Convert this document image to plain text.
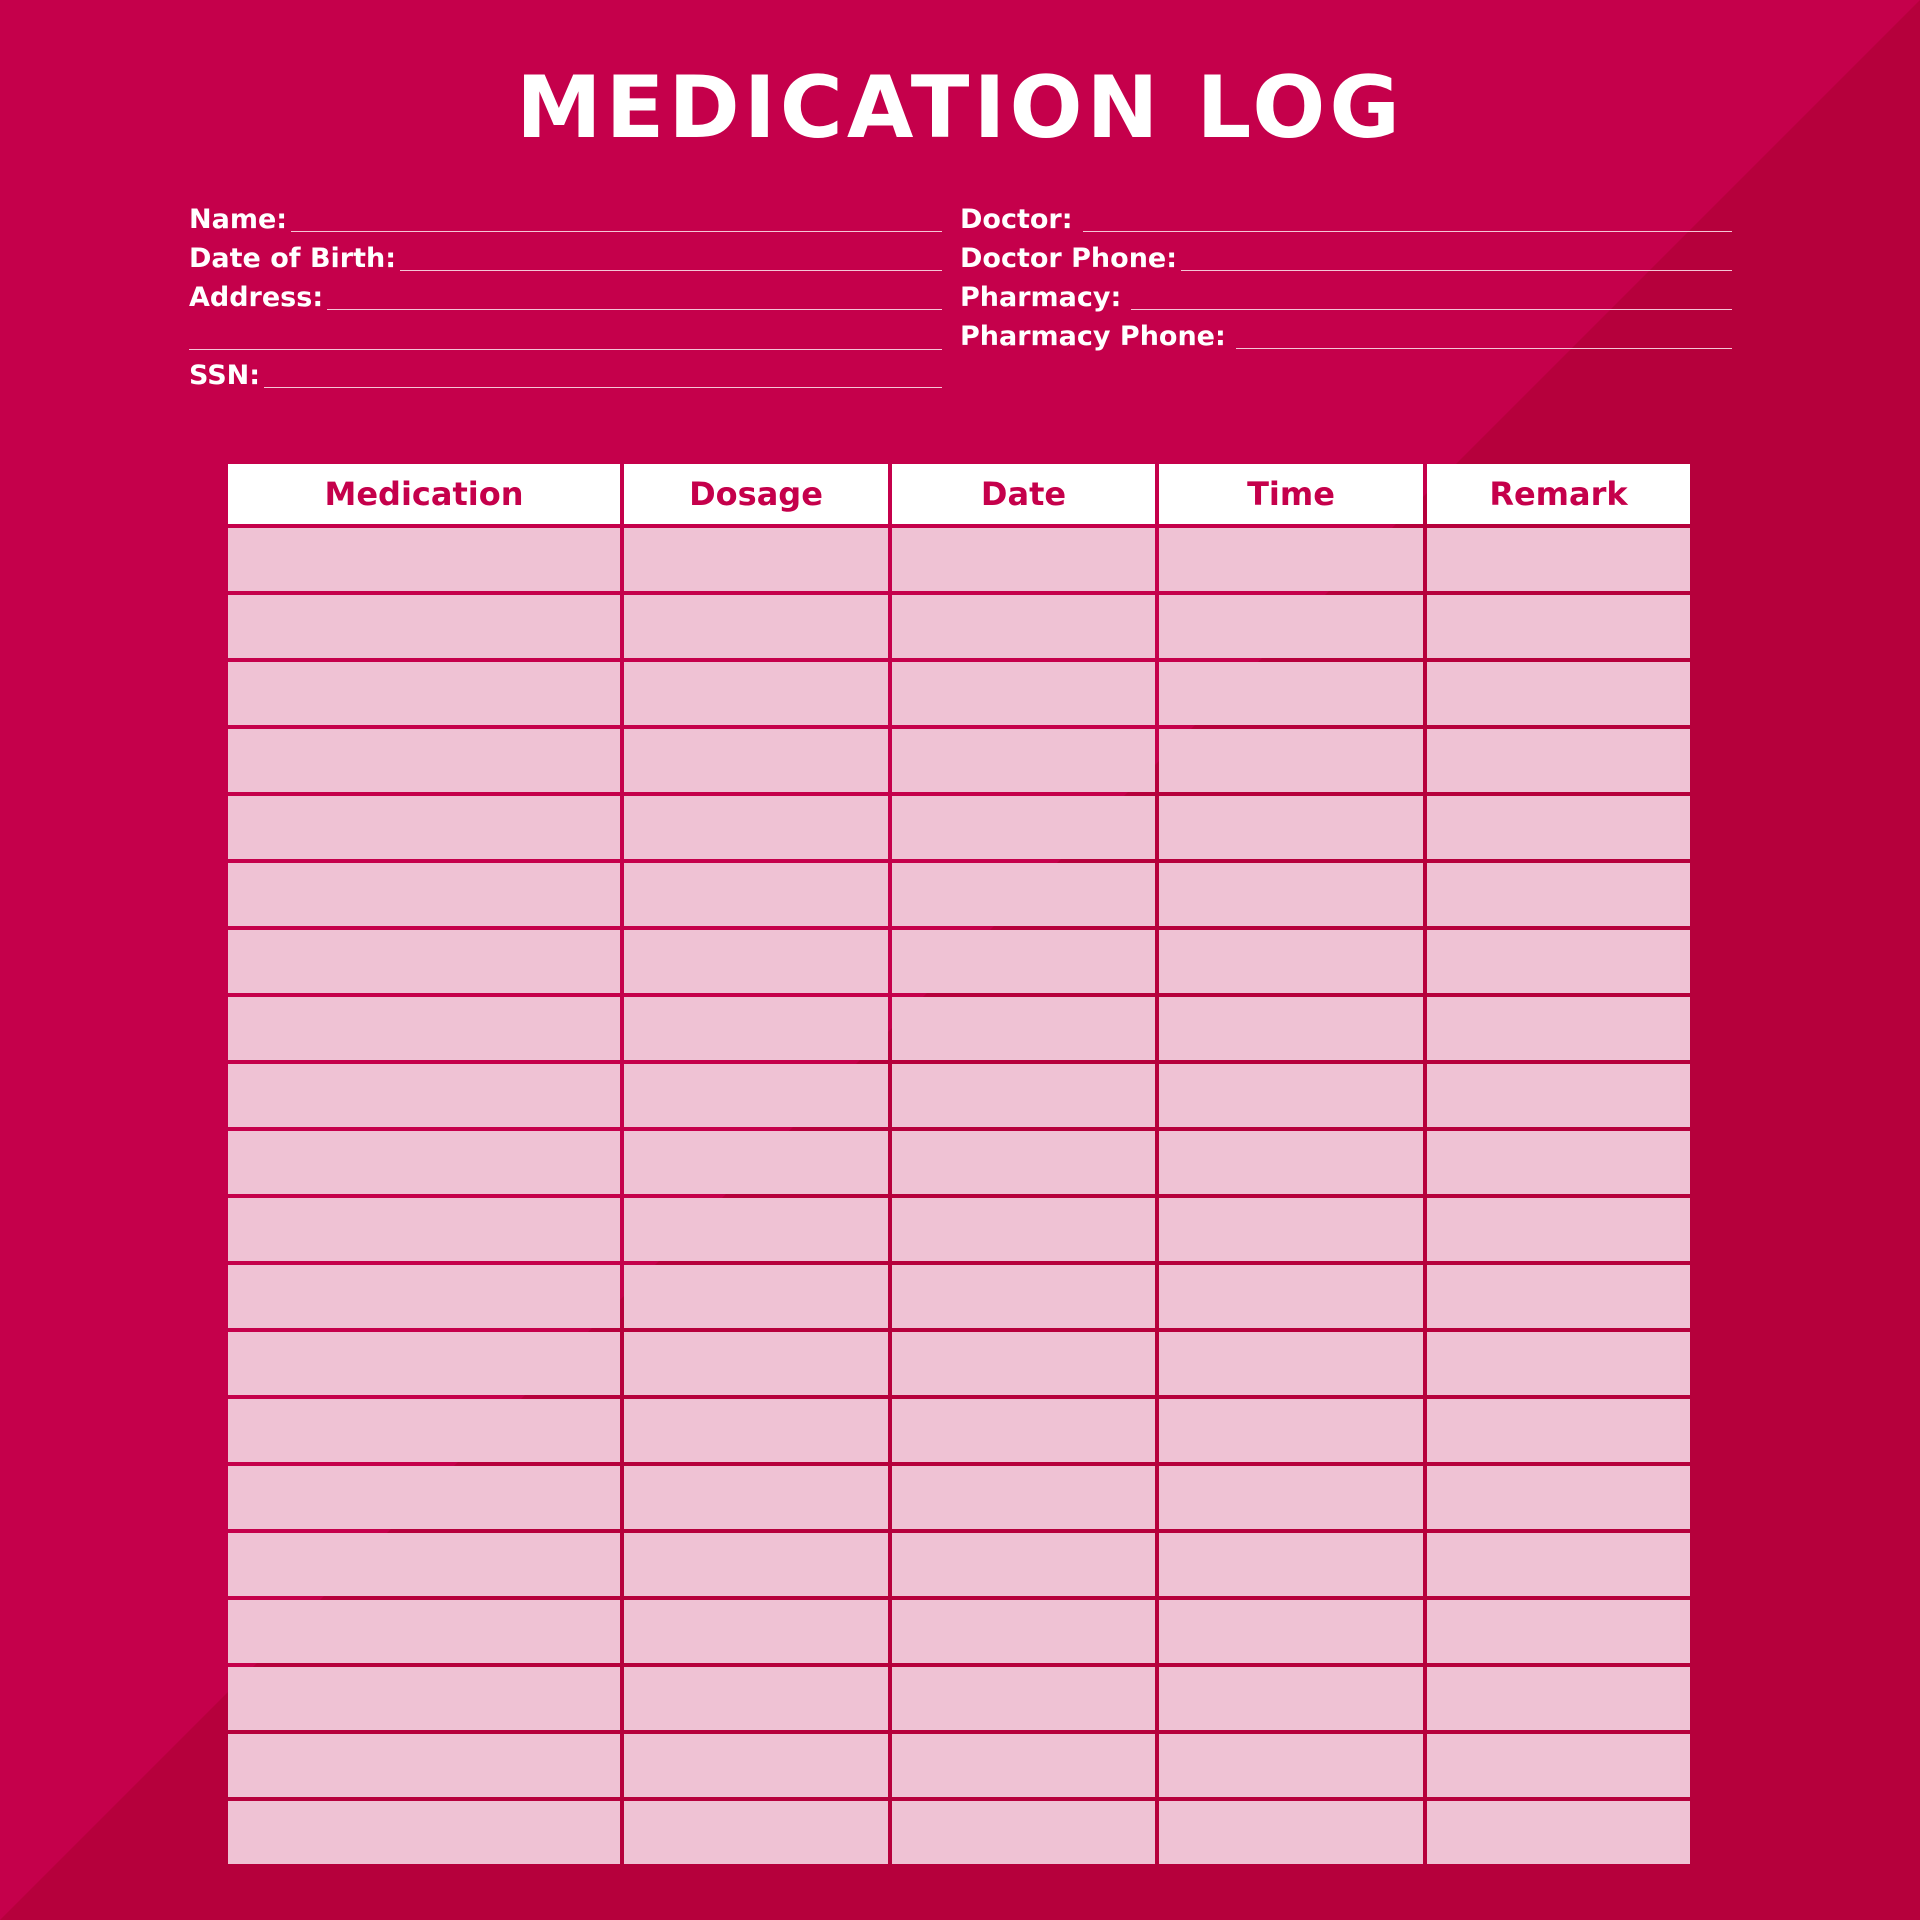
MEDICATION LOG
Name:
Date of Birth:
Address:
SSN:
Doctor:
Doctor Phone:
Pharmacy:
Pharmacy Phone:
Medication	Dosage	Date	Time	Remark
